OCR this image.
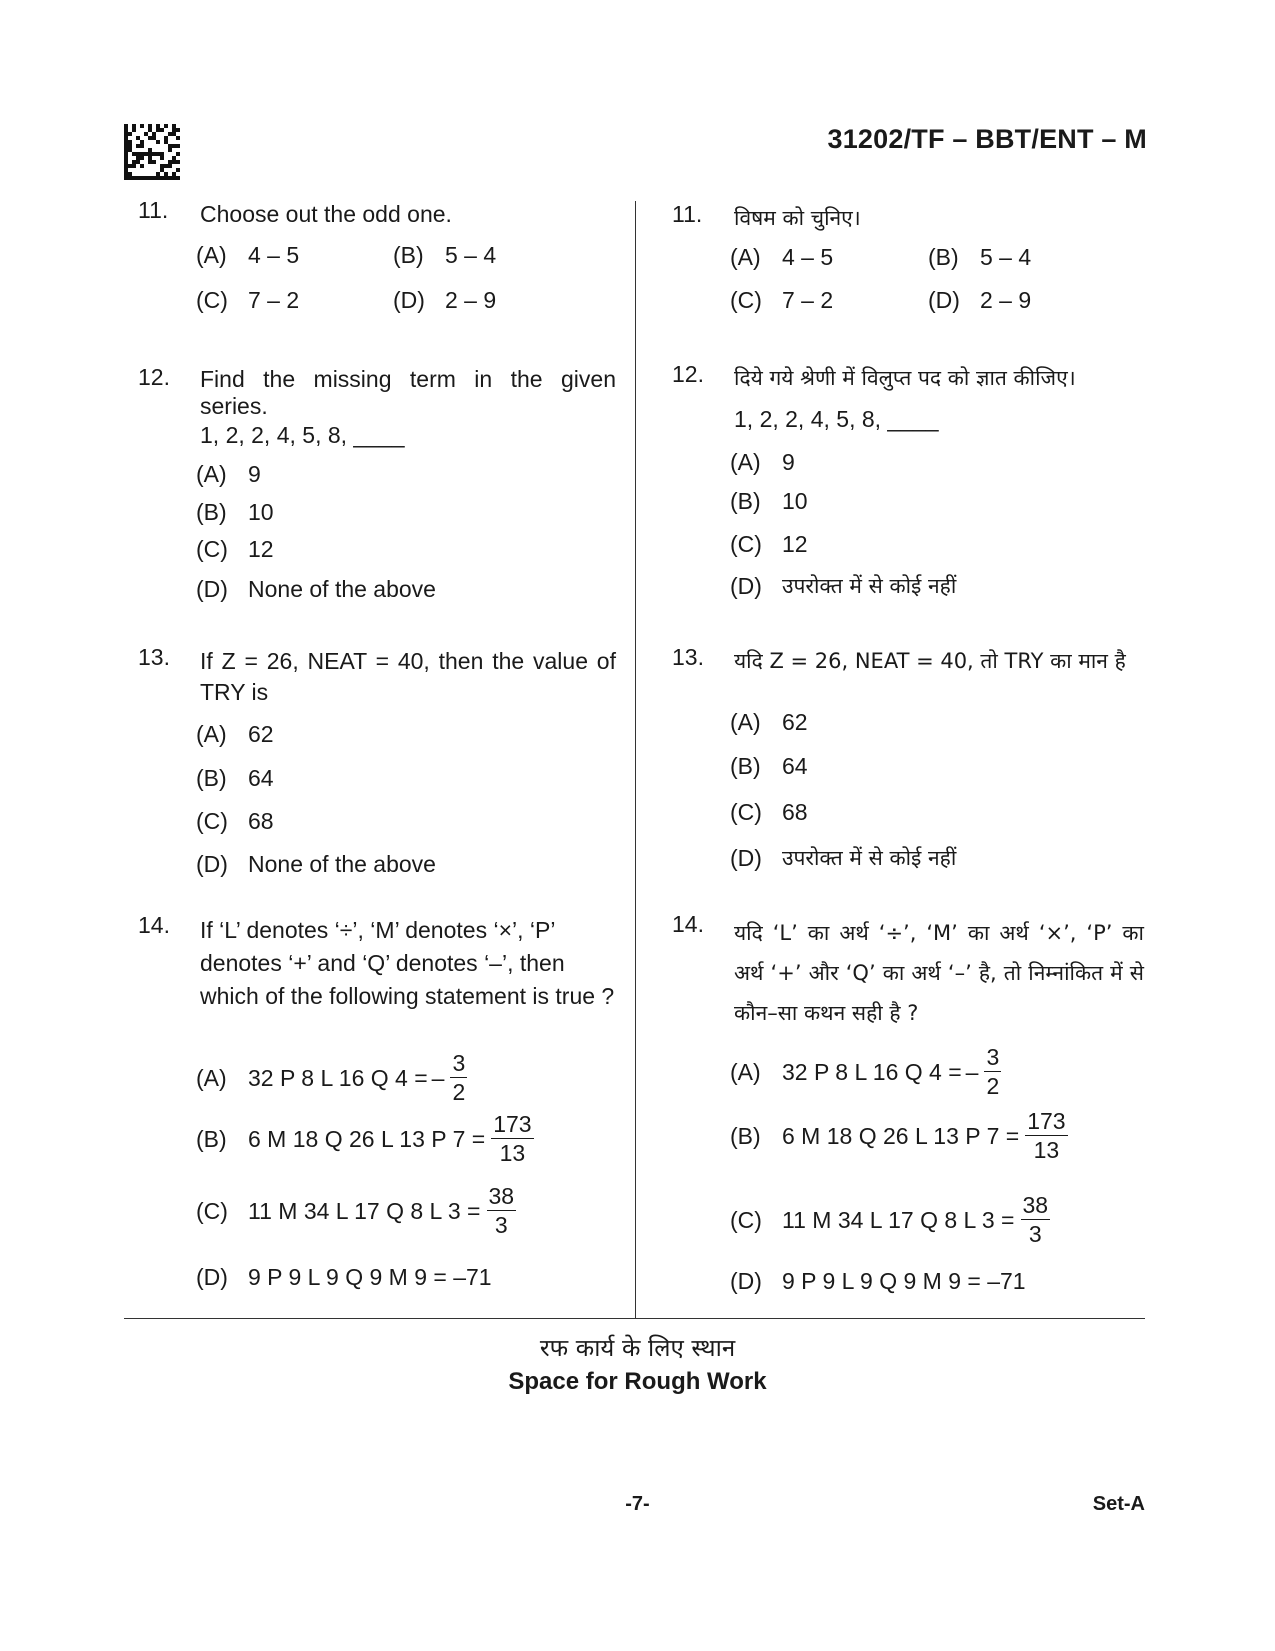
31202/TF – BBT/ENT – M
11.	Choose out the odd one.
(A) 4 – 5	(B) 5 – 4
(C) 7 – 2	(D) 2 – 9
12.	Find the missing term in the given series.
1, 2, 2, 4, 5, 8, ____
(A) 9
(B) 10
(C) 12
(D) None of the above
13.	If Z = 26, NEAT = 40, then the value of TRY is
(A) 62
(B) 64
(C) 68
(D) None of the above
14.	If ‘L’ denotes ‘÷’, ‘M’ denotes ‘×’, ‘P’ denotes ‘+’ and ‘Q’ denotes ‘–’, then which of the following statement is true ?
(A) 32 P 8 L 16 Q 4 = – $\frac{3}{2}$
(B) 6 M 18 Q 26 L 13 P $7 = \frac{173}{13}$
(C) 11 M 34 L 17 Q 8 L $3 = \frac{38}{3}$
(D) 9 P 9 L 9 Q 9 M 9 = –71
11.	विषम को चुनिए।
(A) 4 – 5	(B) 5 – 4
(C) 7 – 2	(D) 2 – 9
12.	दिये गये श्रेणी में विलुप्त पद को ज्ञात कीजिए।
1, 2, 2, 4, 5, 8, ____
(A) 9
(B) 10
(C) 12
(D) उपरोक्त में से कोई नहीं
13.	यदि Z = 26, NEAT = 40, तो TRY का मान है
(A) 62
(B) 64
(C) 68
(D) उपरोक्त में से कोई नहीं
14.	यदि ‘L’ का अर्थ ‘÷’, ‘M’ का अर्थ ‘×’, ‘P’ का अर्थ ‘+’ और ‘Q’ का अर्थ ‘–’ है, तो निम्नांकित में से कौन–सा कथन सही है ?
(A) 32 P 8 L 16 Q 4 = – $\frac{3}{2}$
(B) 6 M 18 Q 26 L 13 P $7 = \frac{173}{13}$
(C) 11 M 34 L 17 Q 8 L $3 = \frac{38}{3}$
(D) 9 P 9 L 9 Q 9 M 9 = –71
रफ कार्य के लिए स्थान
Space for Rough Work
-7-	Set-A
